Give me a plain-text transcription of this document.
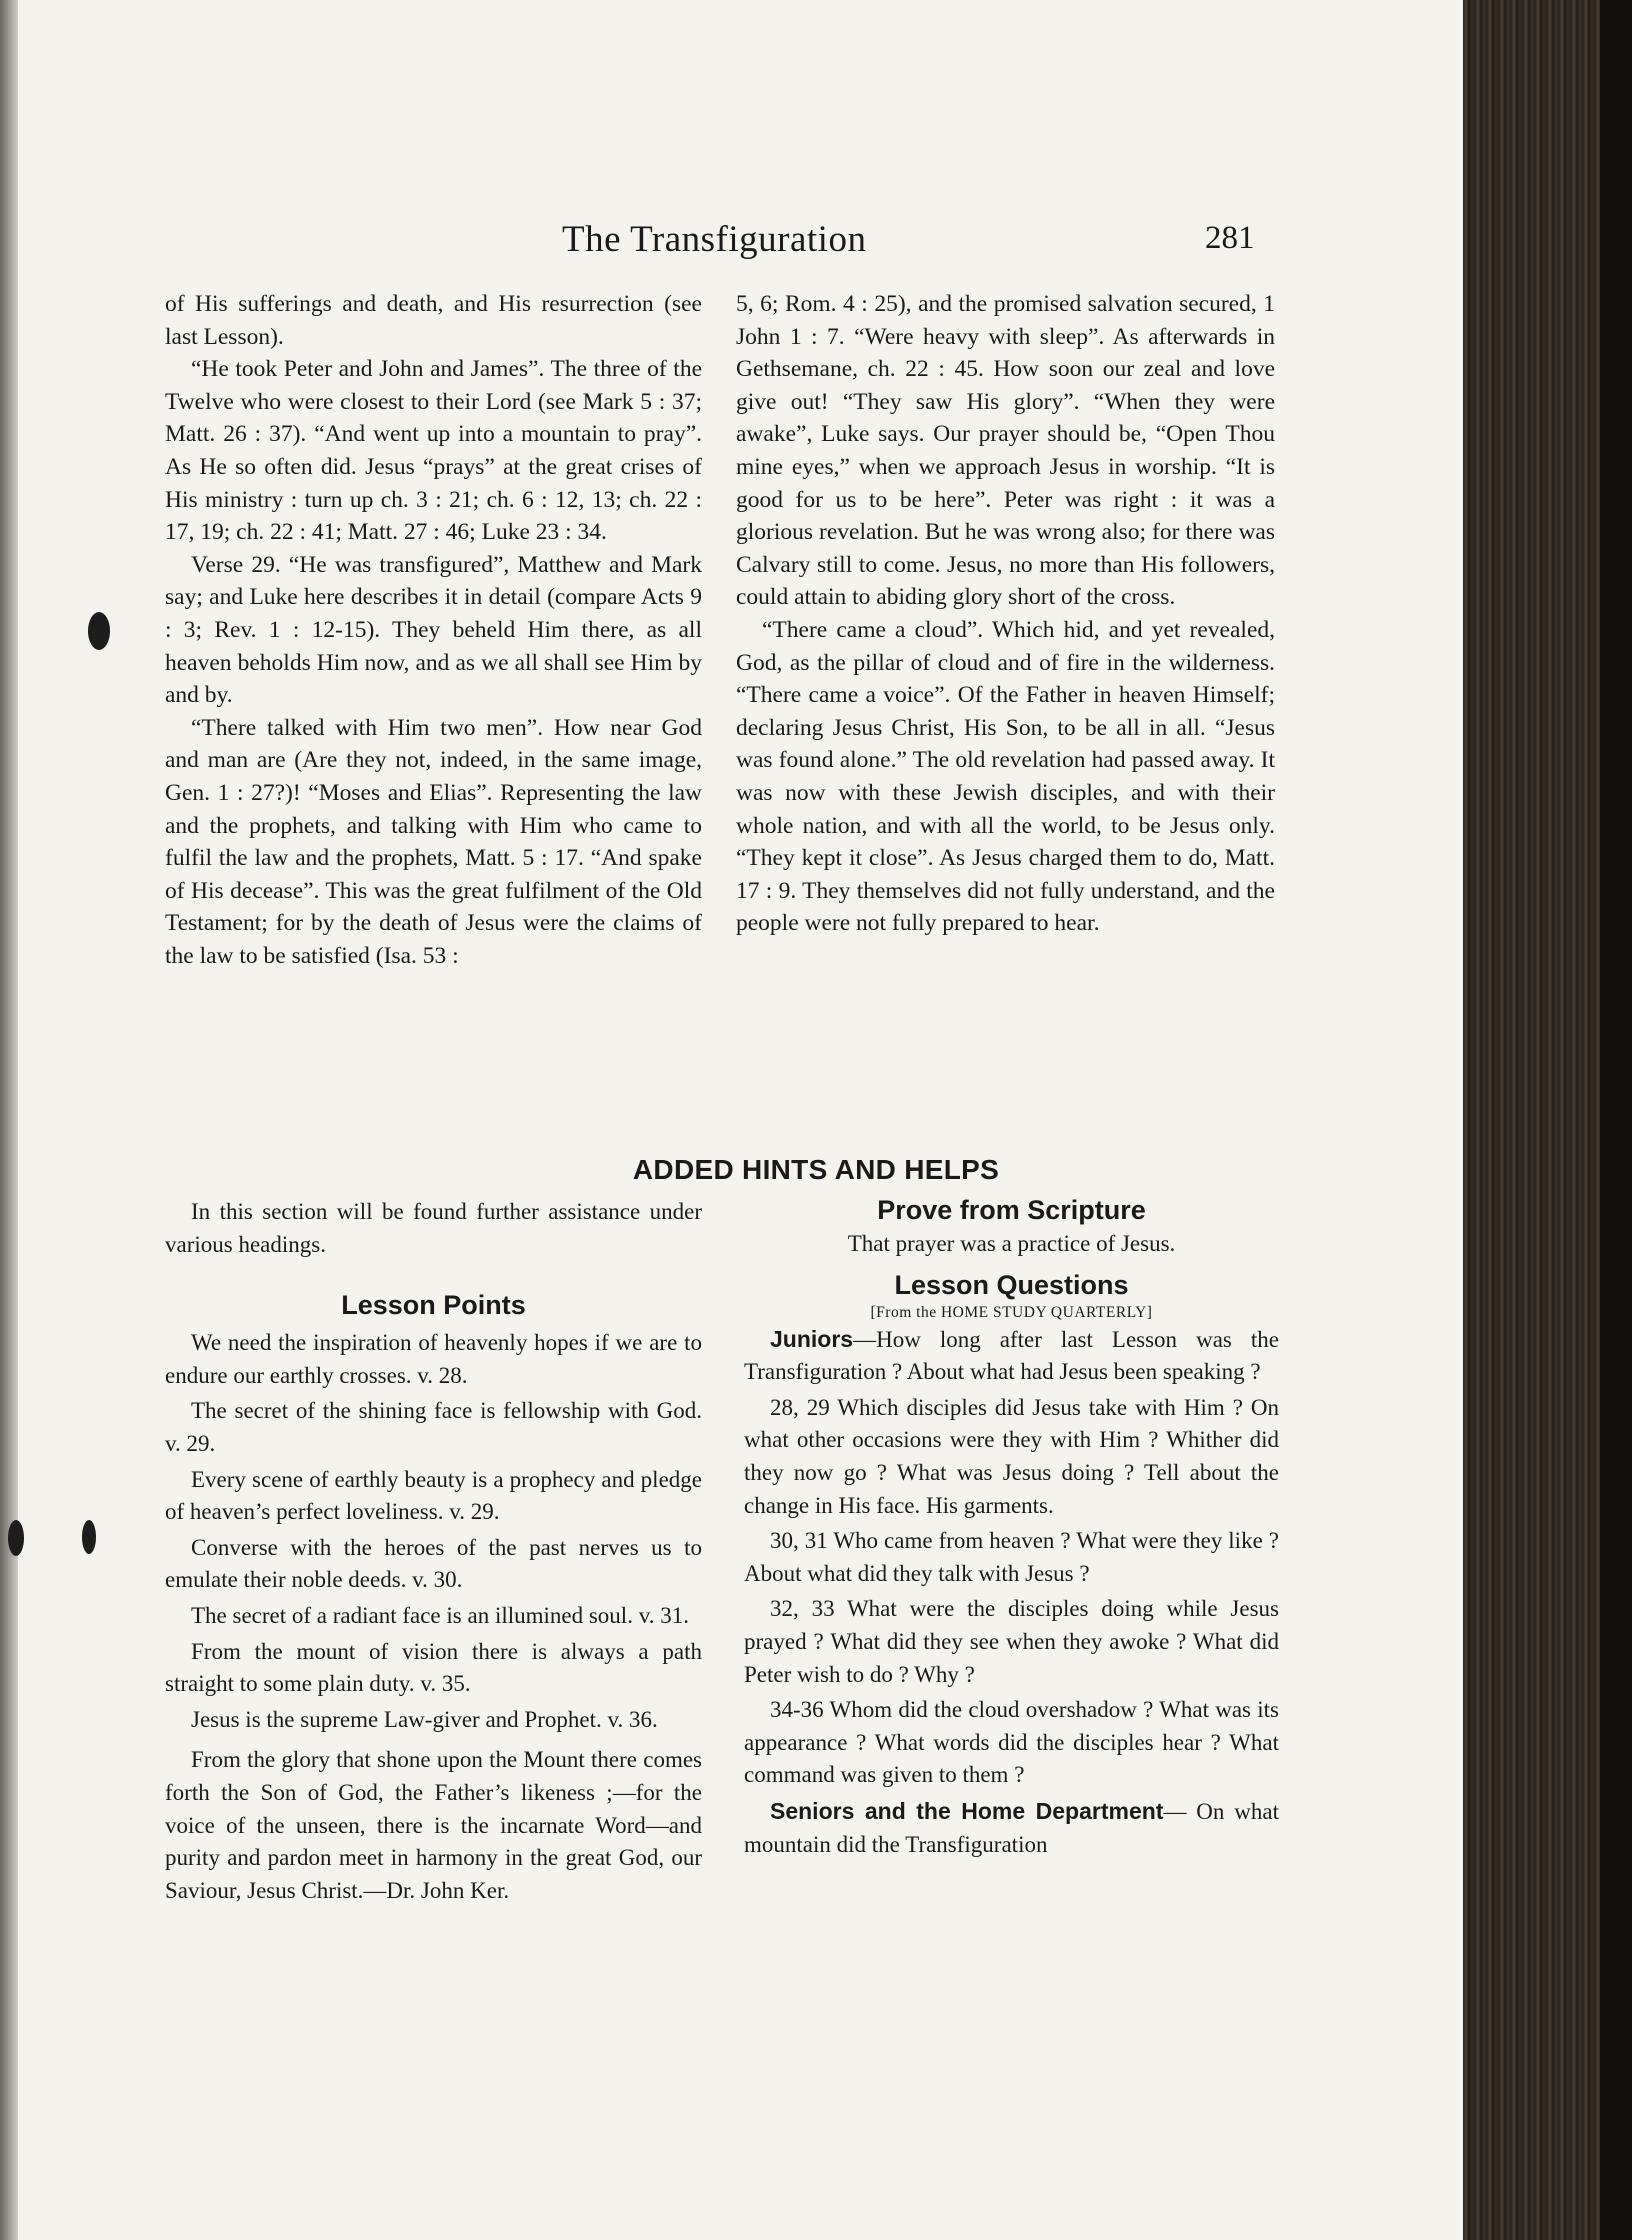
The Transfiguration	281

of His sufferings and death, and His resurrection (see last Lesson).

“He took Peter and John and James”. The three of the Twelve who were closest to their Lord (see Mark 5 : 37; Matt. 26 : 37). “And went up into a mountain to pray”. As He so often did. Jesus “prays” at the great crises of His ministry : turn up ch. 3 : 21; ch. 6 : 12, 13; ch. 22 : 17, 19; ch. 22 : 41; Matt. 27 : 46; Luke 23 : 34.

Verse 29. “He was transfigured”, Matthew and Mark say; and Luke here describes it in detail (compare Acts 9 : 3; Rev. 1 : 12-15). They beheld Him there, as all heaven beholds Him now, and as we all shall see Him by and by.

“There talked with Him two men”. How near God and man are (Are they not, indeed, in the same image, Gen. 1 : 27?)! “Moses and Elias”. Representing the law and the prophets, and talking with Him who came to fulfil the law and the prophets, Matt. 5 : 17. “And spake of His decease”. This was the great fulfilment of the Old Testament; for by the death of Jesus were the claims of the law to be satisfied (Isa. 53 :

5, 6; Rom. 4 : 25), and the promised salvation secured, 1 John 1 : 7. “Were heavy with sleep”. As afterwards in Gethsemane, ch. 22 : 45. How soon our zeal and love give out! “They saw His glory”. “When they were awake”, Luke says. Our prayer should be, “Open Thou mine eyes,” when we approach Jesus in worship. “It is good for us to be here”. Peter was right : it was a glorious revelation. But he was wrong also; for there was Calvary still to come. Jesus, no more than His followers, could attain to abiding glory short of the cross.

“There came a cloud”. Which hid, and yet revealed, God, as the pillar of cloud and of fire in the wilderness. “There came a voice”. Of the Father in heaven Himself; declaring Jesus Christ, His Son, to be all in all. “Jesus was found alone.” The old revelation had passed away. It was now with these Jewish disciples, and with their whole nation, and with all the world, to be Jesus only. “They kept it close”. As Jesus charged them to do, Matt. 17 : 9. They themselves did not fully understand, and the people were not fully prepared to hear.

ADDED HINTS AND HELPS

In this section will be found further assistance under various headings.

Lesson Points

We need the inspiration of heavenly hopes if we are to endure our earthly crosses. v. 28.

The secret of the shining face is fellowship with God. v. 29.

Every scene of earthly beauty is a prophecy and pledge of heaven’s perfect loveliness. v. 29.

Converse with the heroes of the past nerves us to emulate their noble deeds. v. 30.

The secret of a radiant face is an illumined soul. v. 31.

From the mount of vision there is always a path straight to some plain duty. v. 35.

Jesus is the supreme Law-giver and Prophet. v. 36.

From the glory that shone upon the Mount there comes forth the Son of God, the Father’s likeness ;—for the voice of the unseen, there is the incarnate Word—and purity and pardon meet in harmony in the great God, our Saviour, Jesus Christ.—Dr. John Ker.

Prove from Scripture

That prayer was a practice of Jesus.

Lesson Questions
[From the HOME STUDY QUARTERLY]

Juniors—How long after last Lesson was the Transfiguration ? About what had Jesus been speaking ?

28, 29 Which disciples did Jesus take with Him ? On what other occasions were they with Him ? Whither did they now go ? What was Jesus doing ? Tell about the change in His face. His garments.

30, 31 Who came from heaven ? What were they like ? About what did they talk with Jesus ?

32, 33 What were the disciples doing while Jesus prayed ? What did they see when they awoke ? What did Peter wish to do ? Why ?

34-36 Whom did the cloud overshadow ? What was its appearance ? What words did the disciples hear ? What command was given to them ?

Seniors and the Home Department— On what mountain did the Transfiguration
